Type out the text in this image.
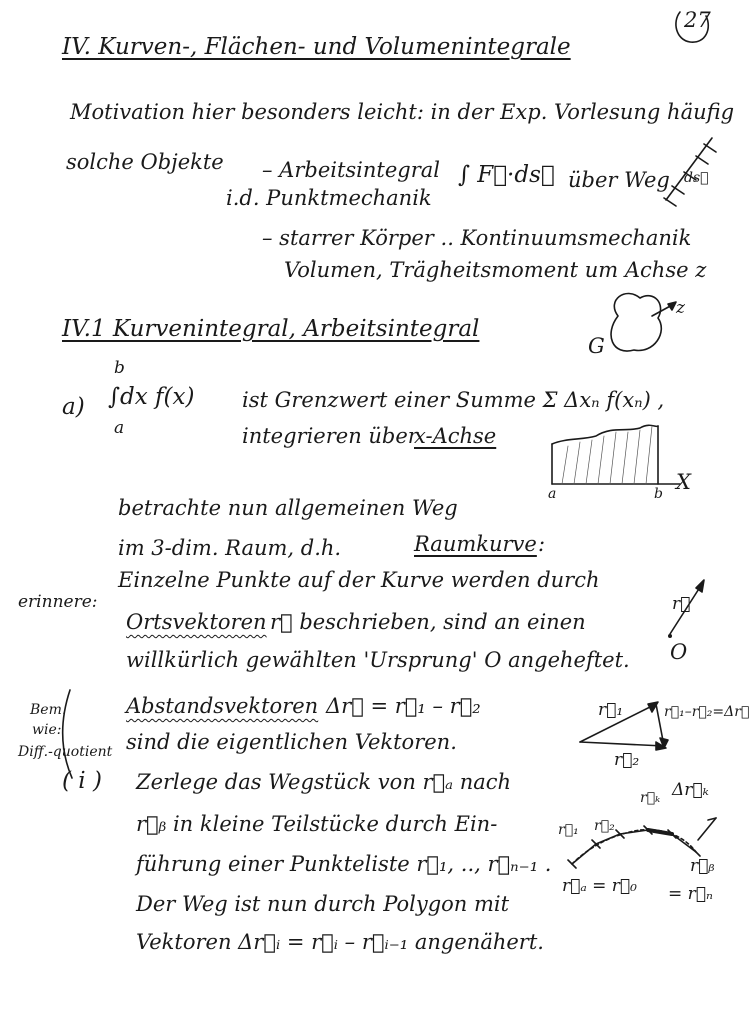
27
IV. Kurven-, Flächen- und Volumenintegrale
Motivation hier besonders leicht: in der Exp. Vorlesung häufig
solche Objekte – Arbeitsintegral
i.d. Punktmechanik
∫ F⃗·ds⃗ über Weg
– starrer Körper .. Kontinuumsmechanik
Volumen, Trägheitsmoment um Achse z
IV.1 Kurvenintegral, Arbeitsintegral
a)
b
∫dx f(x)
a
ist Grenzwert einer Summe Σ Δxₙ f(xₙ) ,
integrieren über
x-Achse
betrachte nun allgemeinen Weg
im 3-dim. Raum, d.h.	Raumkurve :
erinnere:
Einzelne Punkte auf der Kurve werden durch
Ortsvektoren r⃗ beschrieben, sind an einen
willkürlich gewählten 'Ursprung' O angeheftet.
Abstandsvektoren Δr⃗ = r⃗₁ – r⃗₂
sind die eigentlichen Vektoren.
Bem.
wie:
Diff.-quotient
( i ) Zerlege das Wegstück von r⃗ₐ nach
r⃗ᵦ in kleine Teilstücke durch Ein-
führung einer Punkteliste r⃗₁, .., r⃗ₙ₋₁ .
Der Weg ist nun durch Polygon mit
Vektoren Δr⃗ᵢ = r⃗ᵢ – r⃗ᵢ₋₁ angenähert.
ds⃗
G
z
a	b X
r⃗
O
r⃗₁	r⃗₁–r⃗₂=Δr⃗
r⃗₂
Δr⃗ₖ
r⃗ₖ
r⃗₁ r⃗₂
r⃗ₐ = r⃗₀
r⃗ᵦ
= r⃗ₙ
